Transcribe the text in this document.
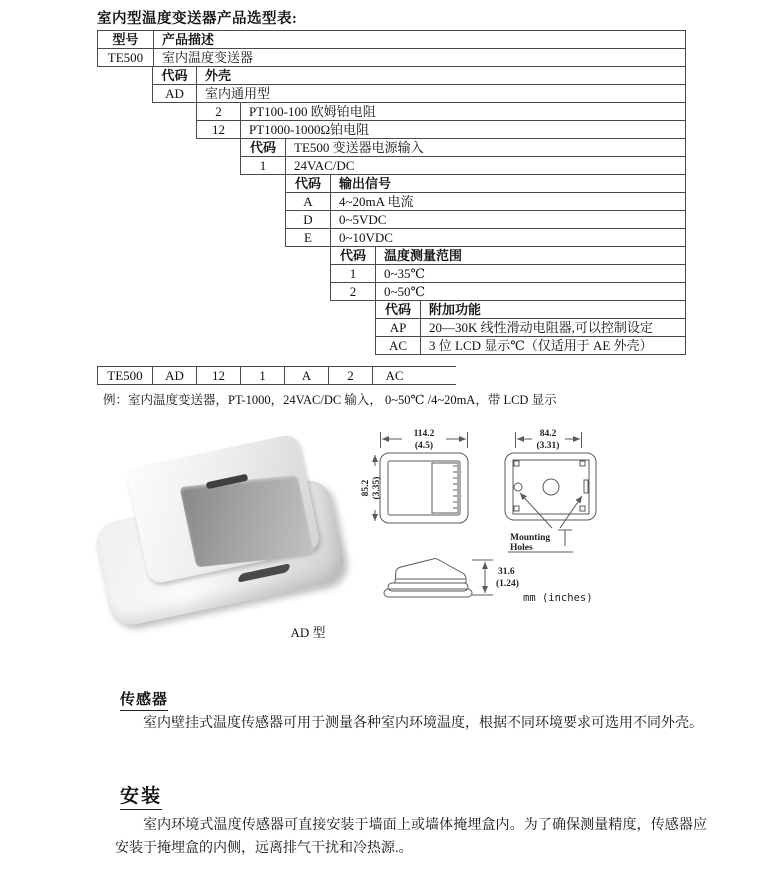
室内型温度变送器产品选型表:
型号	产品描述
TE500	室内温度变送器
代码	外壳
AD	室内通用型
2	PT100-100 欧姆铂电阻
12	PT1000-1000Ω铂电阻
代码	TE500 变送器电源输入
1	24VAC/DC
代码	输出信号
A	4~20mA 电流
D	0~5VDC
E	0~10VDC
代码	温度测量范围
1	0~35℃
2	0~50℃
代码	附加功能
AP	20—30K 线性滑动电阻器,可以控制设定
AC	3 位 LCD 显示℃（仅适用于 AE 外壳）
TE500	AD	12	1	A	2	AC
例：室内温度变送器，PT-1000，24VAC/DC 输入， 0~50℃ /4~20mA，带 LCD 显示
114.2
(4.5)
85.2 (3.35)
84.2
(3.31)
Mounting
Holes
31.6
(1.24)
mm (inches)
AD 型
传感器
室内壁挂式温度传感器可用于测量各种室内环境温度，根据不同环境要求可选用不同外壳。
安装
室内环境式温度传感器可直接安装于墙面上或墙体掩埋盒内。为了确保测量精度，传感器应安装于掩埋盒的内侧，远离排气干扰和冷热源.。
